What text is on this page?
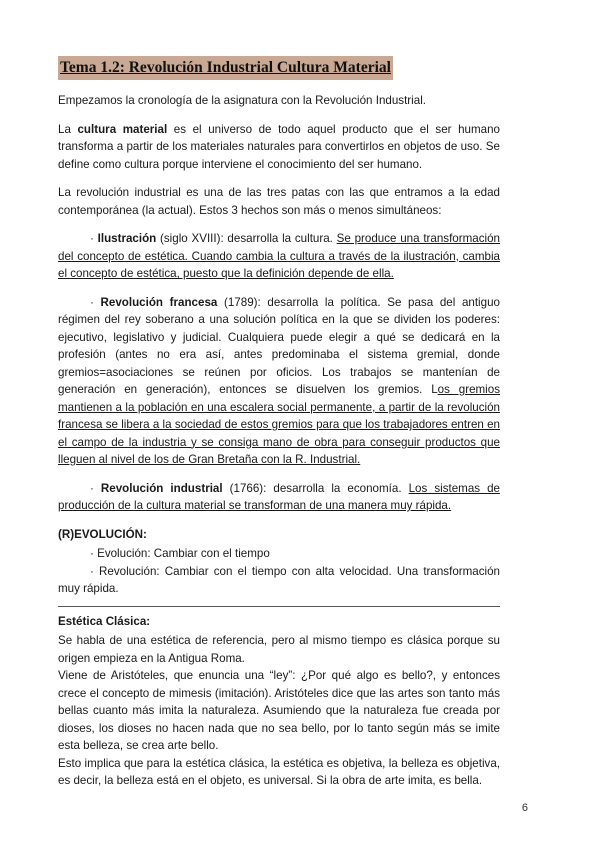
Tema 1.2: Revolución Industrial Cultura Material

Empezamos la cronología de la asignatura con la Revolución Industrial.

La cultura material es el universo de todo aquel producto que el ser humano transforma a partir de los materiales naturales para convertirlos en objetos de uso. Se define como cultura porque interviene el conocimiento del ser humano.

La revolución industrial es una de las tres patas con las que entramos a la edad contemporánea (la actual). Estos 3 hechos son más o menos simultáneos:

· Ilustración (siglo XVIII): desarrolla la cultura. Se produce una transformación del concepto de estética. Cuando cambia la cultura a través de la ilustración, cambia el concepto de estética, puesto que la definición depende de ella.

· Revolución francesa (1789): desarrolla la política. Se pasa del antiguo régimen del rey soberano a una solución política en la que se dividen los poderes: ejecutivo, legislativo y judicial. Cualquiera puede elegir a qué se dedicará en la profesión (antes no era así, antes predominaba el sistema gremial, donde gremios=asociaciones se reúnen por oficios. Los trabajos se mantenían de generación en generación), entonces se disuelven los gremios. Los gremios mantienen a la población en una escalera social permanente, a partir de la revolución francesa se libera a la sociedad de estos gremios para que los trabajadores entren en el campo de la industria y se consiga mano de obra para conseguir productos que lleguen al nivel de los de Gran Bretaña con la R. Industrial.

· Revolución industrial (1766): desarrolla la economía. Los sistemas de producción de la cultura material se transforman de una manera muy rápida.

(R)EVOLUCIÓN:

· Evolución: Cambiar con el tiempo

· Revolución: Cambiar con el tiempo con alta velocidad. Una transformación muy rápida.

Estética Clásica:

Se habla de una estética de referencia, pero al mismo tiempo es clásica porque su origen empieza en la Antigua Roma.

Viene de Aristóteles, que enuncia una “ley”: ¿Por qué algo es bello?, y entonces crece el concepto de mimesis (imitación). Aristóteles dice que las artes son tanto más bellas cuanto más imita la naturaleza. Asumiendo que la naturaleza fue creada por dioses, los dioses no hacen nada que no sea bello, por lo tanto según más se imite esta belleza, se crea arte bello.

Esto implica que para la estética clásica, la estética es objetiva, la belleza es objetiva, es decir, la belleza está en el objeto, es universal. Si la obra de arte imita, es bella.

6
